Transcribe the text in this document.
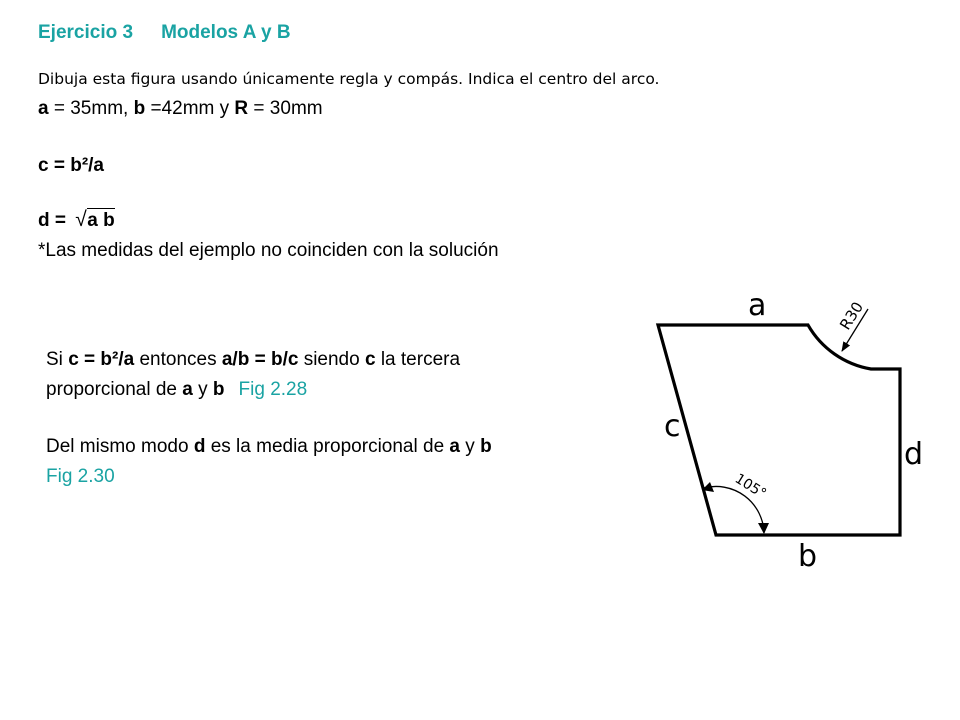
Ejercicio 3 Modelos A y B
Dibuja esta figura usando únicamente regla y compás. Indica el centro del arco.
a = 35mm, b =42mm y R = 30mm
c = b²/a
d = √ a b
*Las medidas del ejemplo no coinciden con la solución
Si c = b²/a entonces a/b = b/c siendo c la tercera
proporcional de a y b Fig 2.28
Del mismo modo d es la media proporcional de a y b
Fig 2.30
R30
105°
a
b
c
d
